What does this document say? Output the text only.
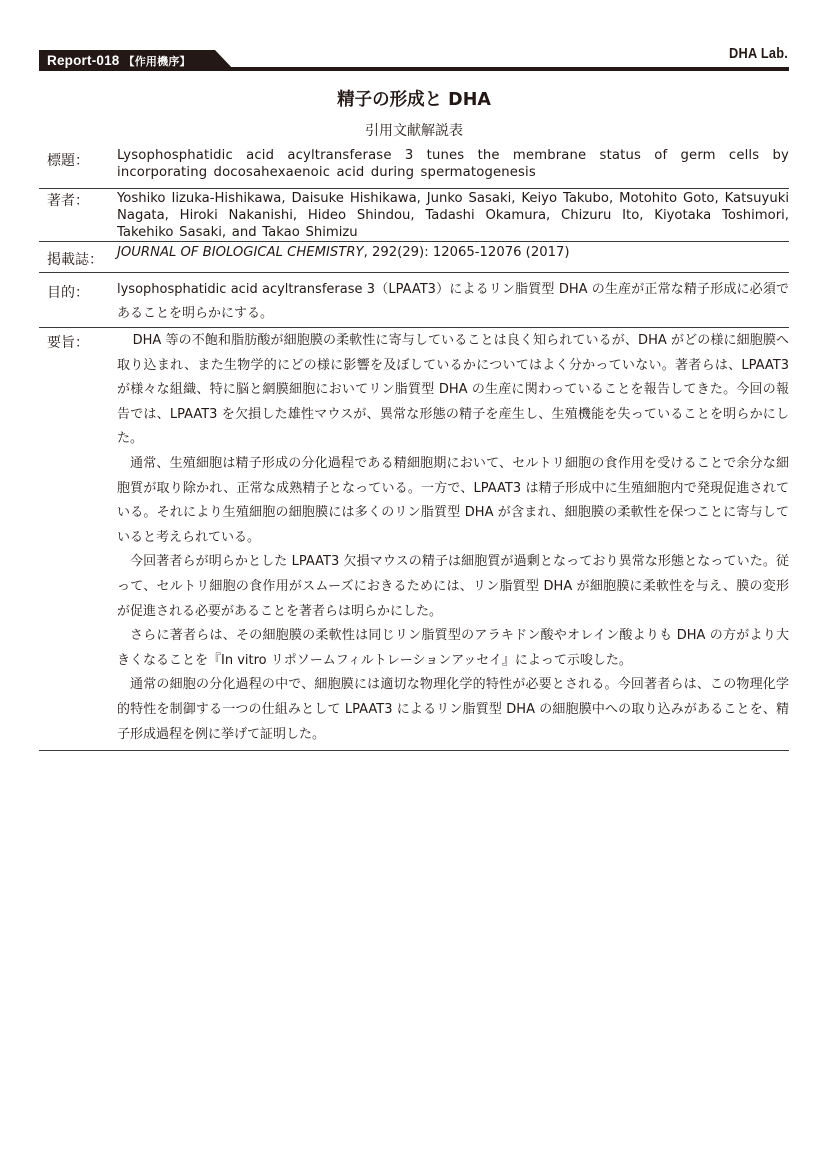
Report-018 【作用機序】	DHA Lab.
精子の形成と DHA
引用文献解説表
標題：	Lysophosphatidic acid acyltransferase 3 tunes the membrane status of germ cells by incorporating docosahexaenoic acid during spermatogenesis
著者：	Yoshiko Iizuka-Hishikawa, Daisuke Hishikawa, Junko Sasaki, Keiyo Takubo, Motohito Goto, Katsuyuki Nagata, Hiroki Nakanishi, Hideo Shindou, Tadashi Okamura, Chizuru Ito, Kiyotaka Toshimori, Takehiko Sasaki, and Takao Shimizu
掲載誌：	JOURNAL OF BIOLOGICAL CHEMISTRY, 292(29): 12065-12076 (2017)
目的：	lysophosphatidic acid acyltransferase 3（LPAAT3）によるリン脂質型 DHA の生産が正常な精子形成に必須であることを明らかにする。
要旨：	DHA 等の不飽和脂肪酸が細胞膜の柔軟性に寄与していることは良く知られているが、DHA がどの様に細胞膜へ取り込まれ、また生物学的にどの様に影響を及ぼしているかについてはよく分かっていない。著者らは、LPAAT3 が様々な組織、特に脳と網膜細胞においてリン脂質型 DHA の生産に関わっていることを報告してきた。今回の報告では、LPAAT3 を欠損した雄性マウスが、異常な形態の精子を産生し、生殖機能を失っていることを明らかにした。

通常、生殖細胞は精子形成の分化過程である精細胞期において、セルトリ細胞の食作用を受けることで余分な細胞質が取り除かれ、正常な成熟精子となっている。一方で、LPAAT3 は精子形成中に生殖細胞内で発現促進されている。それにより生殖細胞の細胞膜には多くのリン脂質型 DHA が含まれ、細胞膜の柔軟性を保つことに寄与していると考えられている。

今回著者らが明らかとした LPAAT3 欠損マウスの精子は細胞質が過剰となっており異常な形態となっていた。従って、セルトリ細胞の食作用がスムーズにおきるためには、リン脂質型 DHA が細胞膜に柔軟性を与え、膜の変形が促進される必要があることを著者らは明らかにした。

さらに著者らは、その細胞膜の柔軟性は同じリン脂質型のアラキドン酸やオレイン酸よりも DHA の方がより大きくなることを『In vitro リポソームフィルトレーションアッセイ』によって示唆した。

通常の細胞の分化過程の中で、細胞膜には適切な物理化学的特性が必要とされる。今回著者らは、この物理化学的特性を制御する一つの仕組みとして LPAAT3 によるリン脂質型 DHA の細胞膜中への取り込みがあることを、精子形成過程を例に挙げて証明した。
